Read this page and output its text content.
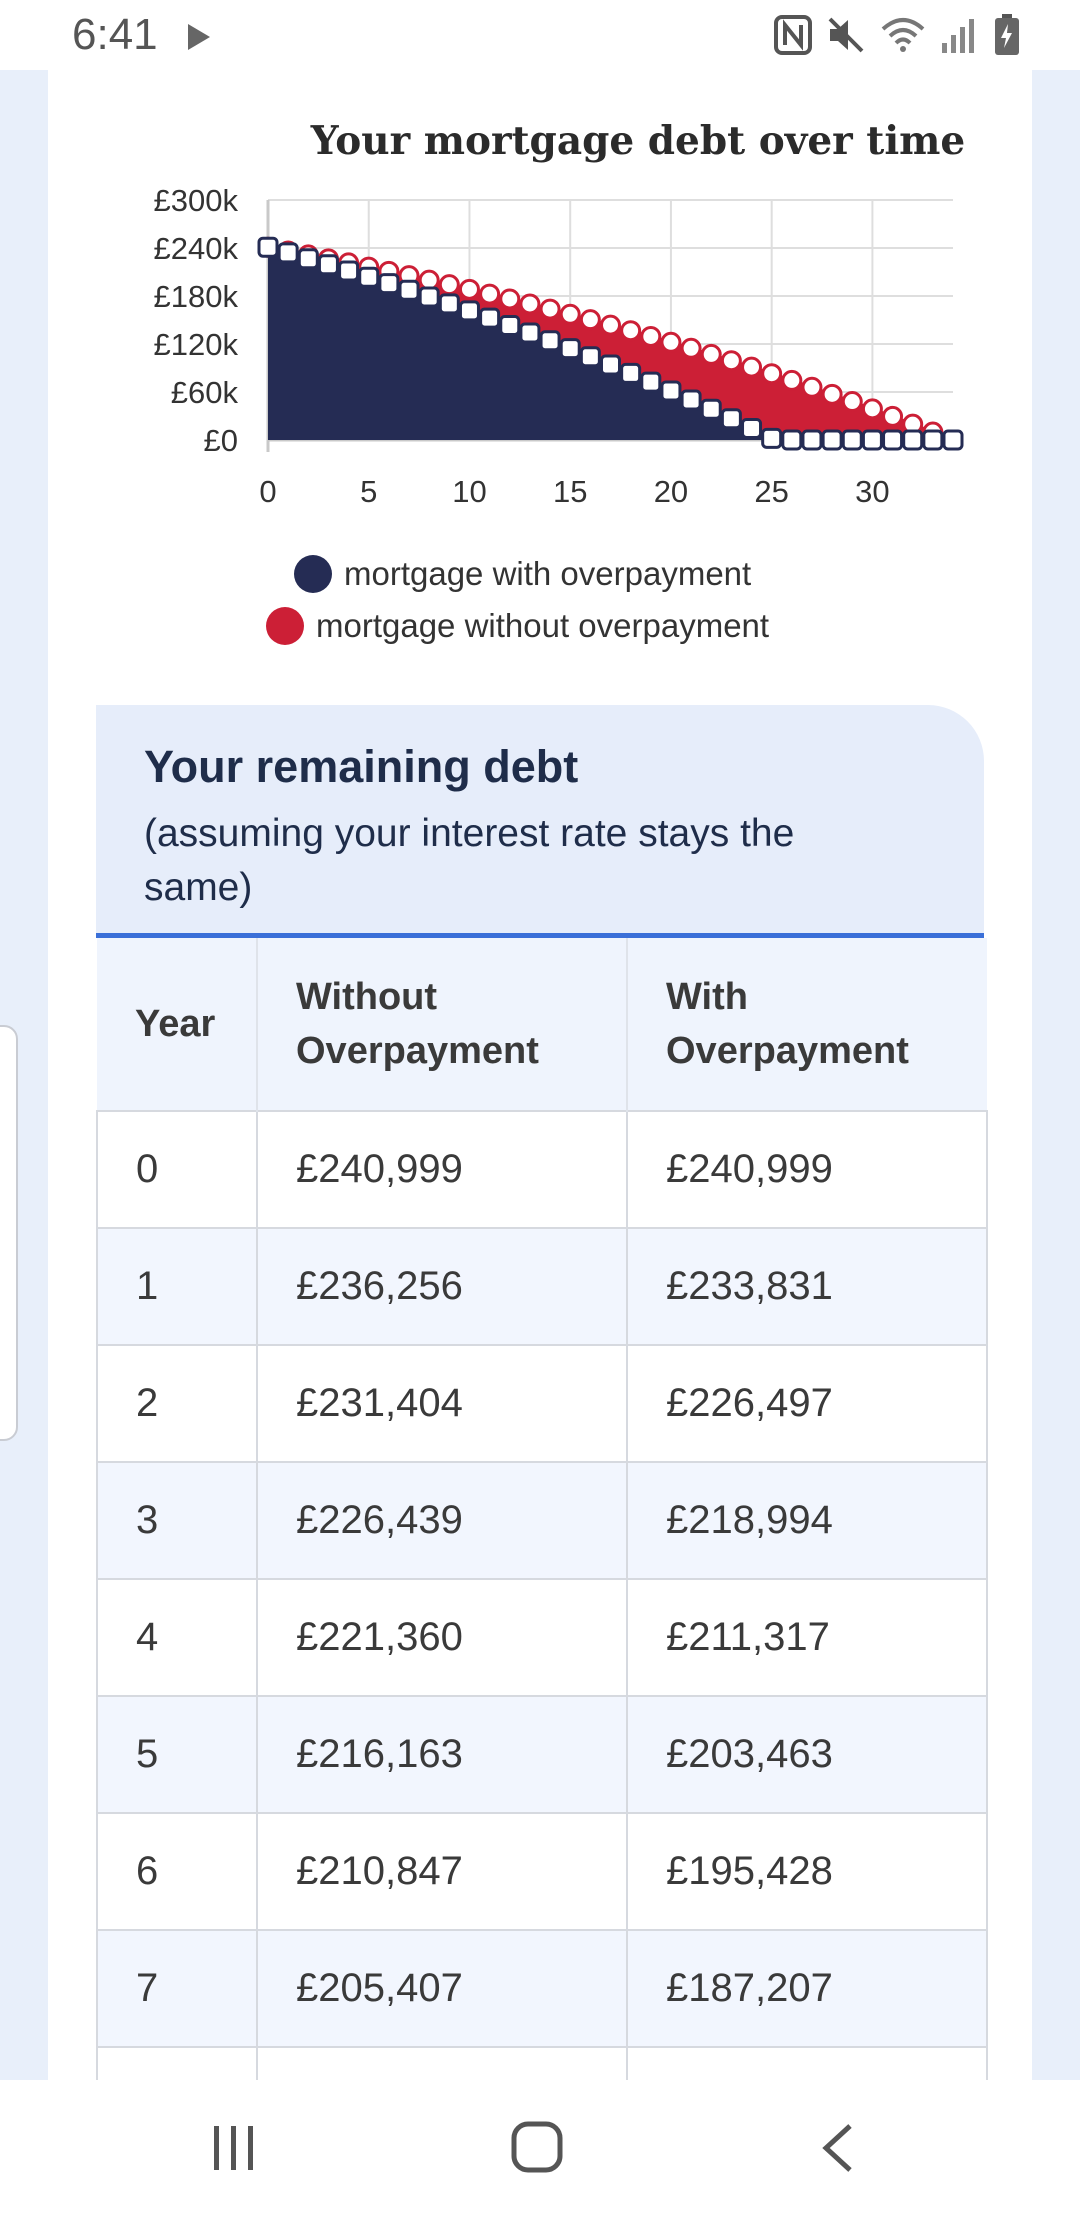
6:41
Your mortgage debt over time
£0
£60k
£120k
£180k
£240k
£300k
0	5 10 15 20 25 30
mortgage with overpayment
mortgage without overpayment
Your remaining debt
(assuming your interest rate stays the same)
Year	Without Overpayment	With Overpayment
0	£240,999	£240,999
1	£236,256	£233,831
2	£231,404	£226,497
3	£226,439	£218,994
4	£221,360	£211,317
5	£216,163	£203,463
6	£210,847	£195,428
7	£205,407	£187,207
